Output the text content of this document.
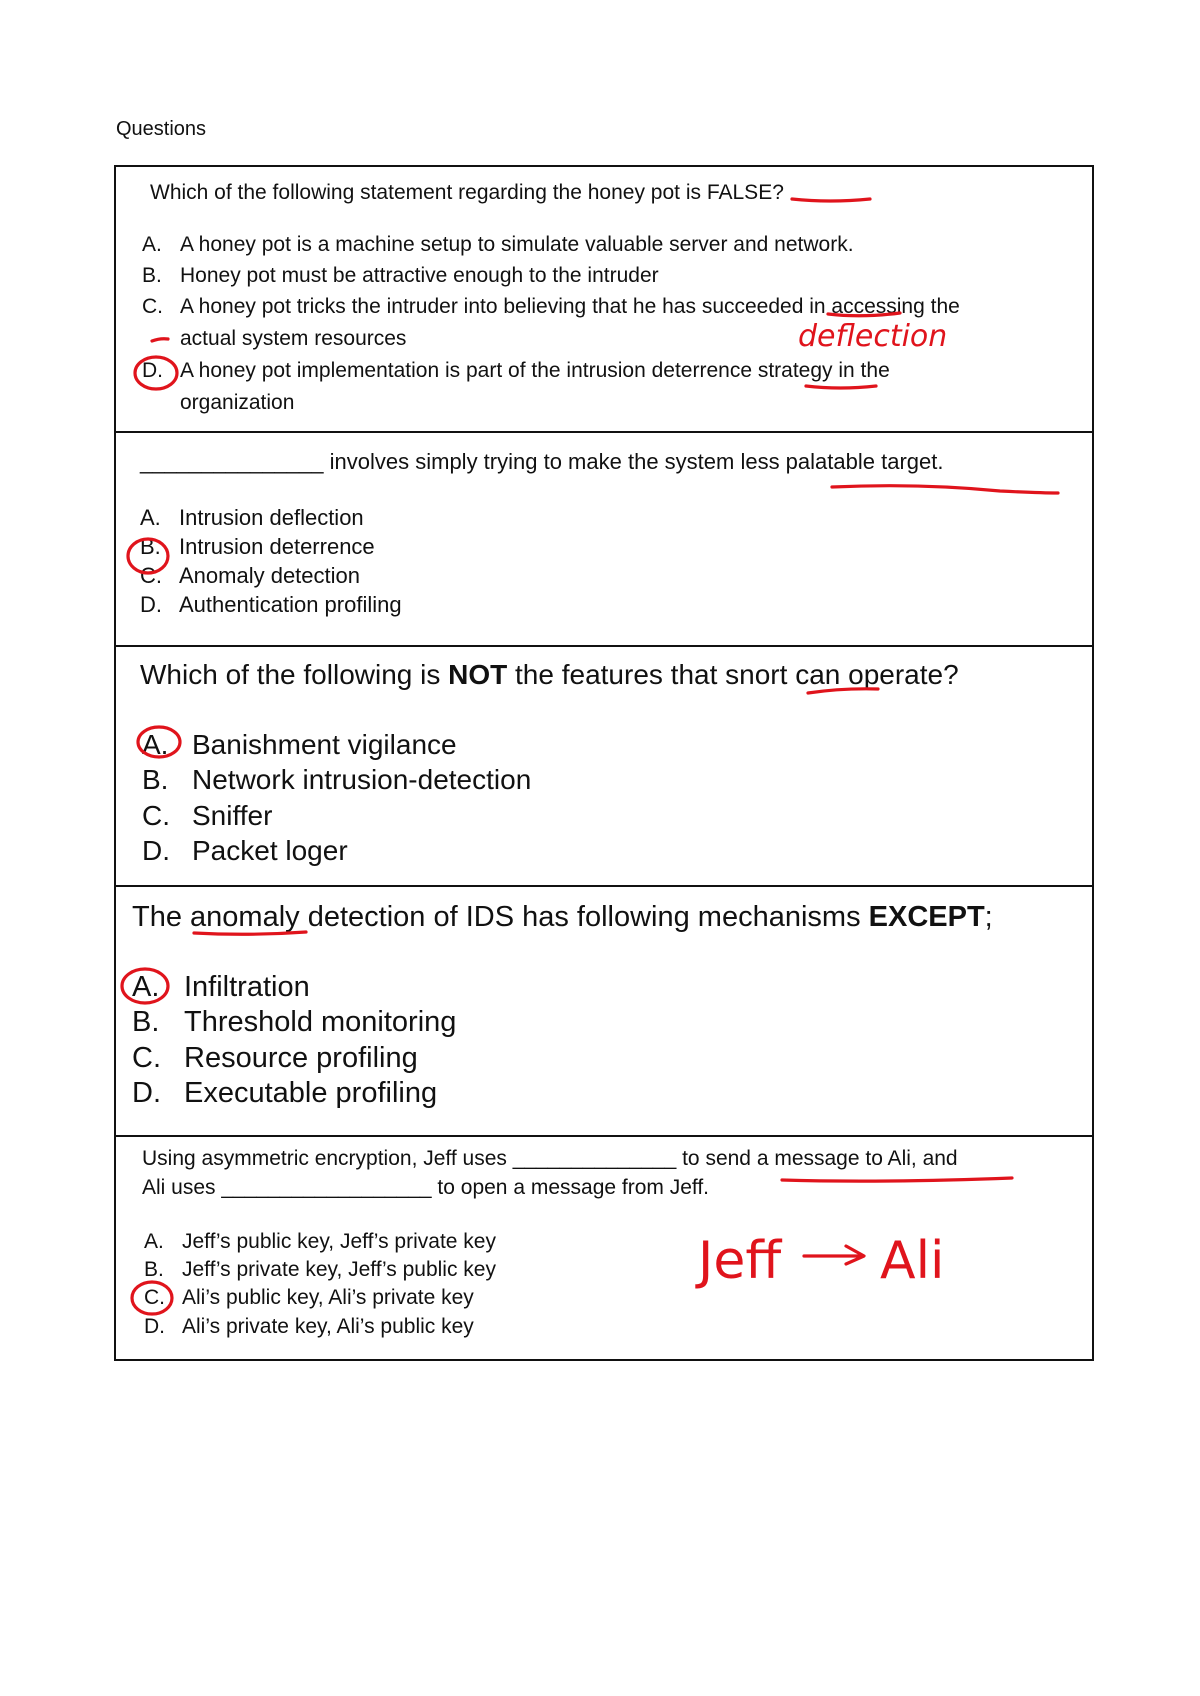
Questions
Which of the following statement regarding the honey pot is FALSE?
A. A honey pot is a machine setup to simulate valuable server and network.
B. Honey pot must be attractive enough to the intruder
C. A honey pot tricks the intruder into believing that he has succeeded in accessing the
actual system resources
D. A honey pot implementation is part of the intrusion deterrence strategy in the
organization

_______________ involves simply trying to make the system less palatable target.
A. Intrusion deflection
B. Intrusion deterrence
C. Anomaly detection
D. Authentication profiling

Which of the following is NOT the features that snort can operate?
A. Banishment vigilance
B. Network intrusion-detection
C. Sniffer
D. Packet loger

The anomaly detection of IDS has following mechanisms EXCEPT;
A. Infiltration
B. Threshold monitoring
C. Resource profiling
D. Executable profiling

Using asymmetric encryption, Jeff uses ______________ to send a message to Ali, and
Ali uses __________________ to open a message from Jeff.
A. Jeff’s public key, Jeff’s private key
B. Jeff’s private key, Jeff’s public key
C. Ali’s public key, Ali’s private key
D. Ali’s private key, Ali’s public key
deflection
Jeff Ali
